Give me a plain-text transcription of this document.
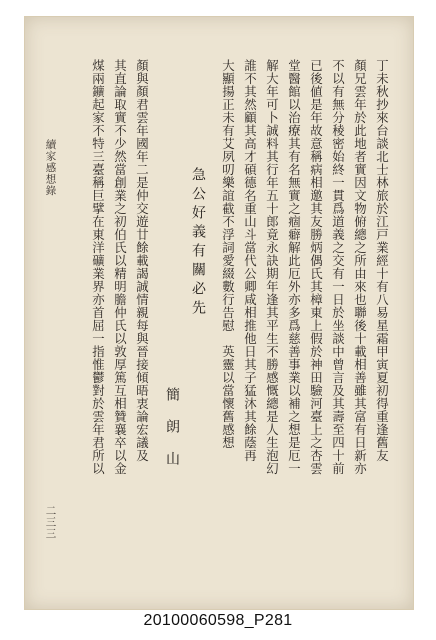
丁未秋抄來台談北士林旅於江戸業經十有八易星霜甲寅夏初得重逢舊友
顏兄雲年於此地者實因文物俯總之所由來也聯後十載相善雖其富有日新亦
不以有無分稜密始終一貫爲道義之交有一日於坐談中曾言及其壽至四十前
已後値是年故意稱病相邀其友勝炳偶氏其樟東上假於神田驗河臺上之杏雲
堂醫館以治療其有名無實之痼癖解此厄外亦多爲慈善事業以補之想是厄一
解大年可卜誠料其行年五十郎竟永訣期年逢其平生不勝感慨總是人生泡幻
誰不其然顧其高才碩德名重山斗當代公卿咸相推他日其子猛沐其餘蔭再
大顯揚正未有艾夙叨樂誼截不浮詞愛綴數行告慰　英靈以當懷舊感想
急公好義有關必先
簡　朗　山
顏與顏君雲年國年二是仲交遊廿餘載謁誠情親每與晉接傾晤衷論宏議及
其直論取實不少然當創業之初伯氏以精明膽仲氏以敦厚篤互相贊襄卒以金
煤兩鑛起家不特三臺稱巨擘在東洋礦業界亦首屈一指惟鬱對於雲年君所以
續家感想錄
二三三
20100060598_P281
